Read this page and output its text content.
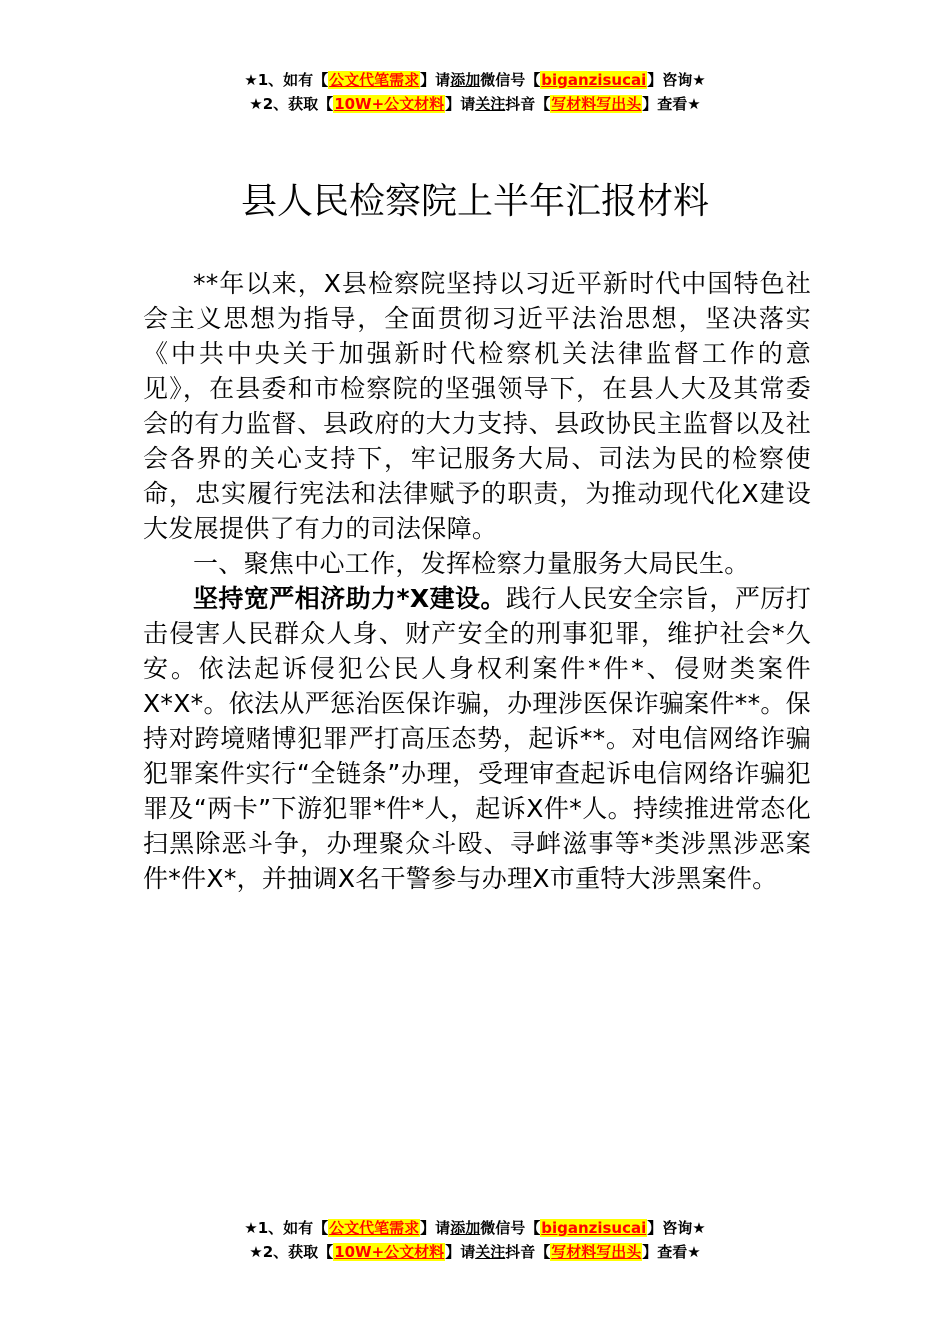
★1、如有【公文代笔需求】请添加微信号【biganzisucai】咨询★
★2、获取【10W+公文材料】请关注抖音【写材料写出头】查看★
县人民检察院上半年汇报材料

**年以来，X县检察院坚持以习近平新时代中国特色社会主义思想为指导，全面贯彻习近平法治思想，坚决落实《中共中央关于加强新时代检察机关法律监督工作的意见》，在县委和市检察院的坚强领导下，在县人大及其常委会的有力监督、县政府的大力支持、县政协民主监督以及社会各界的关心支持下，牢记服务大局、司法为民的检察使命，忠实履行宪法和法律赋予的职责，为推动现代化X建设大发展提供了有力的司法保障。

一、聚焦中心工作，发挥检察力量服务大局民生。

坚持宽严相济助力*X建设。践行人民安全宗旨，严厉打击侵害人民群众人身、财产安全的刑事犯罪，维护社会*久安。依法起诉侵犯公民人身权利案件*件*、侵财类案件X*X*。依法从严惩治医保诈骗，办理涉医保诈骗案件**。保持对跨境赌博犯罪严打高压态势，起诉**。对电信网络诈骗犯罪案件实行“全链条”办理，受理审查起诉电信网络诈骗犯罪及“两卡”下游犯罪*件*人，起诉X件*人。持续推进常态化扫黑除恶斗争，办理聚众斗殴、寻衅滋事等*类涉黑涉恶案件*件X*，并抽调X名干警参与办理X市重特大涉黑案件。

★1、如有【公文代笔需求】请添加微信号【biganzisucai】咨询★
★2、获取【10W+公文材料】请关注抖音【写材料写出头】查看★
